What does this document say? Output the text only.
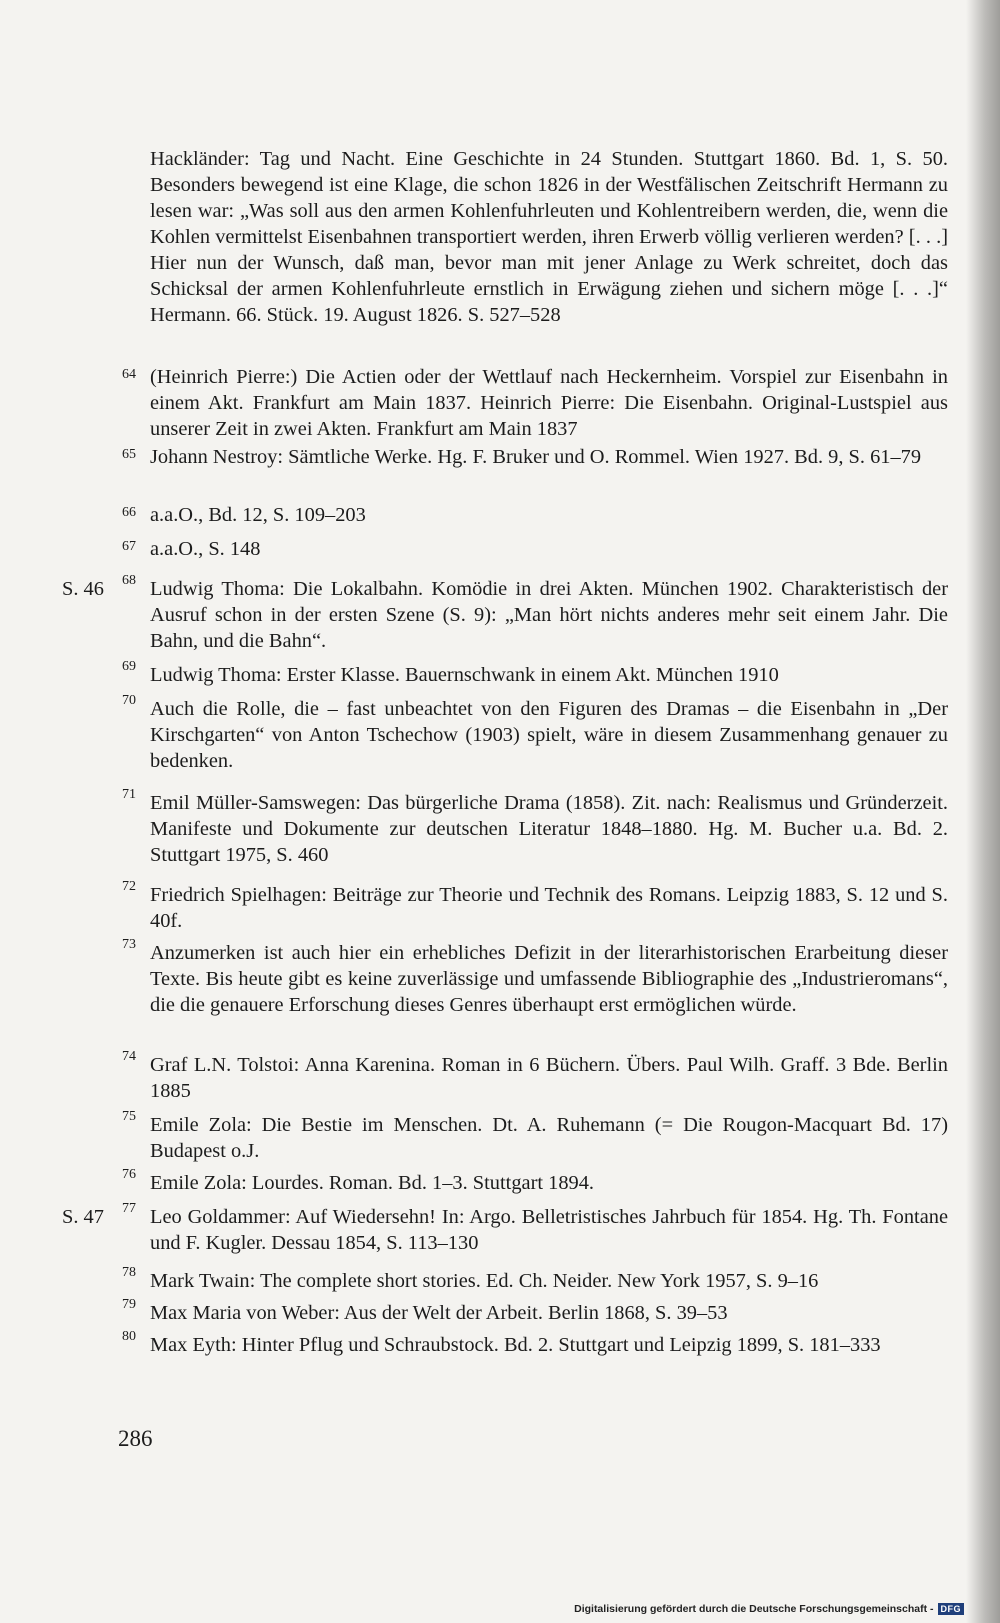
Hackländer: Tag und Nacht. Eine Geschichte in 24 Stunden. Stuttgart 1860. Bd. 1, S. 50. Besonders bewegend ist eine Klage, die schon 1826 in der Westfälischen Zeitschrift Hermann zu lesen war: „Was soll aus den armen Kohlenfuhrleuten und Kohlentreibern werden, die, wenn die Kohlen vermittelst Eisenbahnen transportiert werden, ihren Erwerb völlig verlieren werden? [. . .] Hier nun der Wunsch, daß man, bevor man mit jener Anlage zu Werk schreitet, doch das Schicksal der armen Kohlenfuhrleute ernstlich in Erwägung ziehen und sichern möge [. . .]“ Hermann. 66. Stück. 19. August 1826. S. 527–528
64 (Heinrich Pierre:) Die Actien oder der Wettlauf nach Heckernheim. Vorspiel zur Eisenbahn in einem Akt. Frankfurt am Main 1837. Heinrich Pierre: Die Eisenbahn. Original-Lustspiel aus unserer Zeit in zwei Akten. Frankfurt am Main 1837
65 Johann Nestroy: Sämtliche Werke. Hg. F. Bruker und O. Rommel. Wien 1927. Bd. 9, S. 61–79
66 a.a.O., Bd. 12, S. 109–203
67 a.a.O., S. 148
S. 46 68 Ludwig Thoma: Die Lokalbahn. Komödie in drei Akten. München 1902. Charakteristisch der Ausruf schon in der ersten Szene (S. 9): „Man hört nichts anderes mehr seit einem Jahr. Die Bahn, und die Bahn“.
69 Ludwig Thoma: Erster Klasse. Bauernschwank in einem Akt. München 1910
70 Auch die Rolle, die – fast unbeachtet von den Figuren des Dramas – die Eisenbahn in „Der Kirschgarten“ von Anton Tschechow (1903) spielt, wäre in diesem Zusammenhang genauer zu bedenken.
71 Emil Müller-Samswegen: Das bürgerliche Drama (1858). Zit. nach: Realismus und Gründerzeit. Manifeste und Dokumente zur deutschen Literatur 1848–1880. Hg. M. Bucher u.a. Bd. 2. Stuttgart 1975, S. 460
72 Friedrich Spielhagen: Beiträge zur Theorie und Technik des Romans. Leipzig 1883, S. 12 und S. 40f.
73 Anzumerken ist auch hier ein erhebliches Defizit in der literarhistorischen Erarbeitung dieser Texte. Bis heute gibt es keine zuverlässige und umfassende Bibliographie des „Industrieromans“, die die genauere Erforschung dieses Genres überhaupt erst ermöglichen würde.
74 Graf L.N. Tolstoi: Anna Karenina. Roman in 6 Büchern. Übers. Paul Wilh. Graff. 3 Bde. Berlin 1885
75 Emile Zola: Die Bestie im Menschen. Dt. A. Ruhemann (= Die Rougon-Macquart Bd. 17) Budapest o.J.
76 Emile Zola: Lourdes. Roman. Bd. 1–3. Stuttgart 1894.
S. 47 77 Leo Goldammer: Auf Wiedersehn! In: Argo. Belletristisches Jahrbuch für 1854. Hg. Th. Fontane und F. Kugler. Dessau 1854, S. 113–130
78 Mark Twain: The complete short stories. Ed. Ch. Neider. New York 1957, S. 9–16
79 Max Maria von Weber: Aus der Welt der Arbeit. Berlin 1868, S. 39–53
80 Max Eyth: Hinter Pflug und Schraubstock. Bd. 2. Stuttgart und Leipzig 1899, S. 181–333
286
Digitalisierung gefördert durch die Deutsche Forschungsgemeinschaft - DFG
